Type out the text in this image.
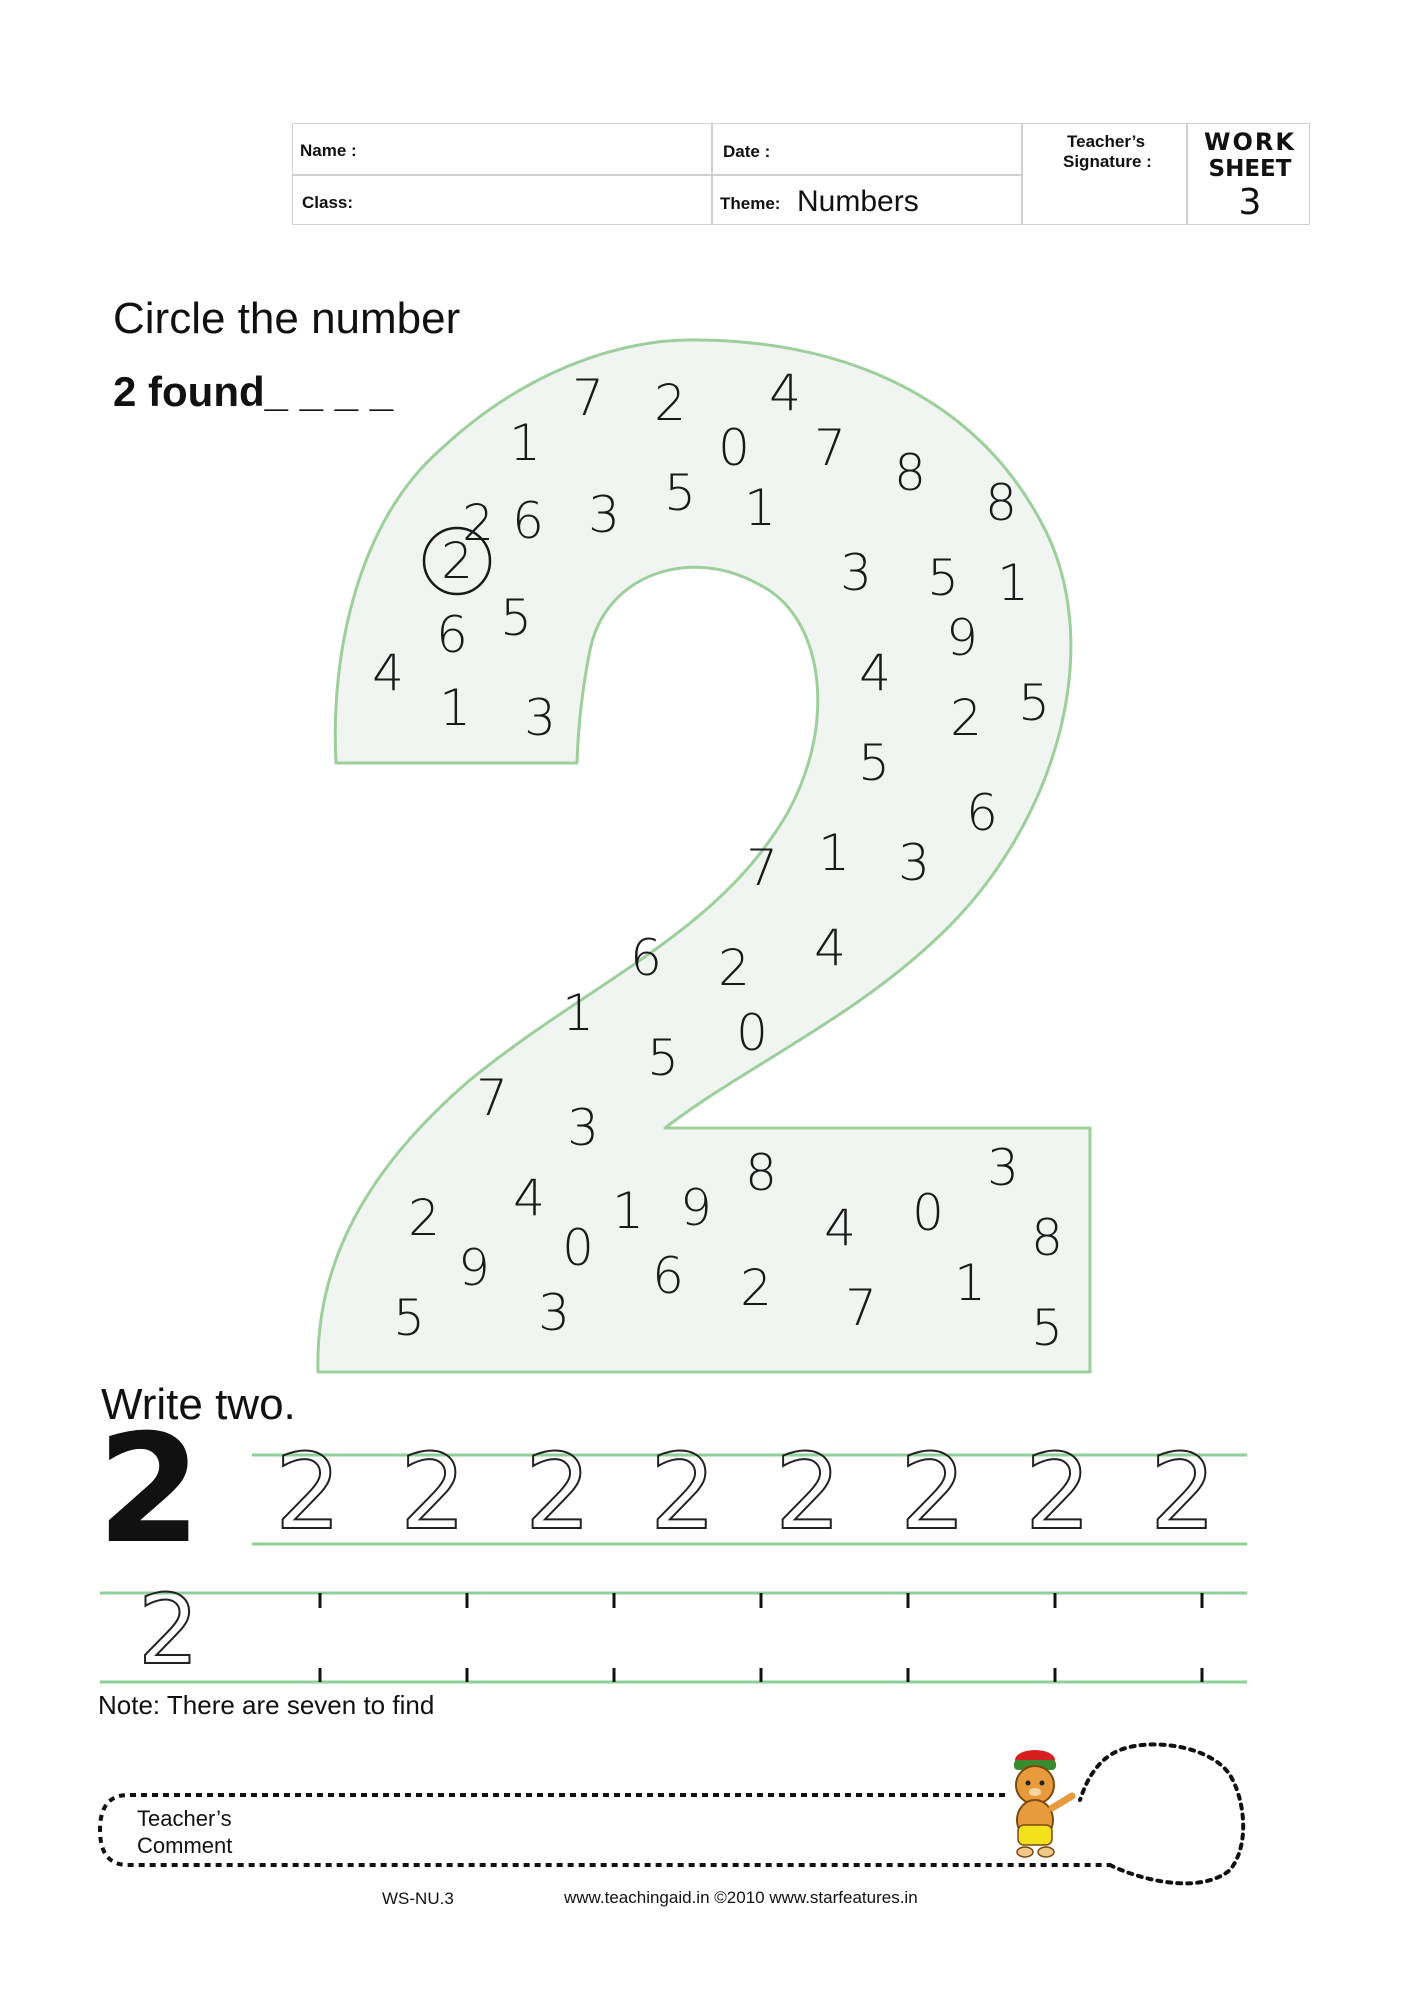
Name :
Class:
Date :
Theme: Numbers
Teacher’s
Signature :
WORK
SHEET
3
Circle the number
2 found_ _ _ _	7 2 4
0 7 8
1
5
2 6 3 1	8
2	3 5 1
6 5	9
4	4
1 3	2 5
5
6
7 1 3
6 2 4
1	0
5
7
3
8	3
2 4 1 9 4 0 8
9 0 6 2 7 1
5 3	5
Write two.
2 2 2 2 2 2 2 2 2
2
Note: There are seven to find
Teacher’s
Comment
WS-NU.3	www.teachingaid.in ©2010 www.starfeatures.in
